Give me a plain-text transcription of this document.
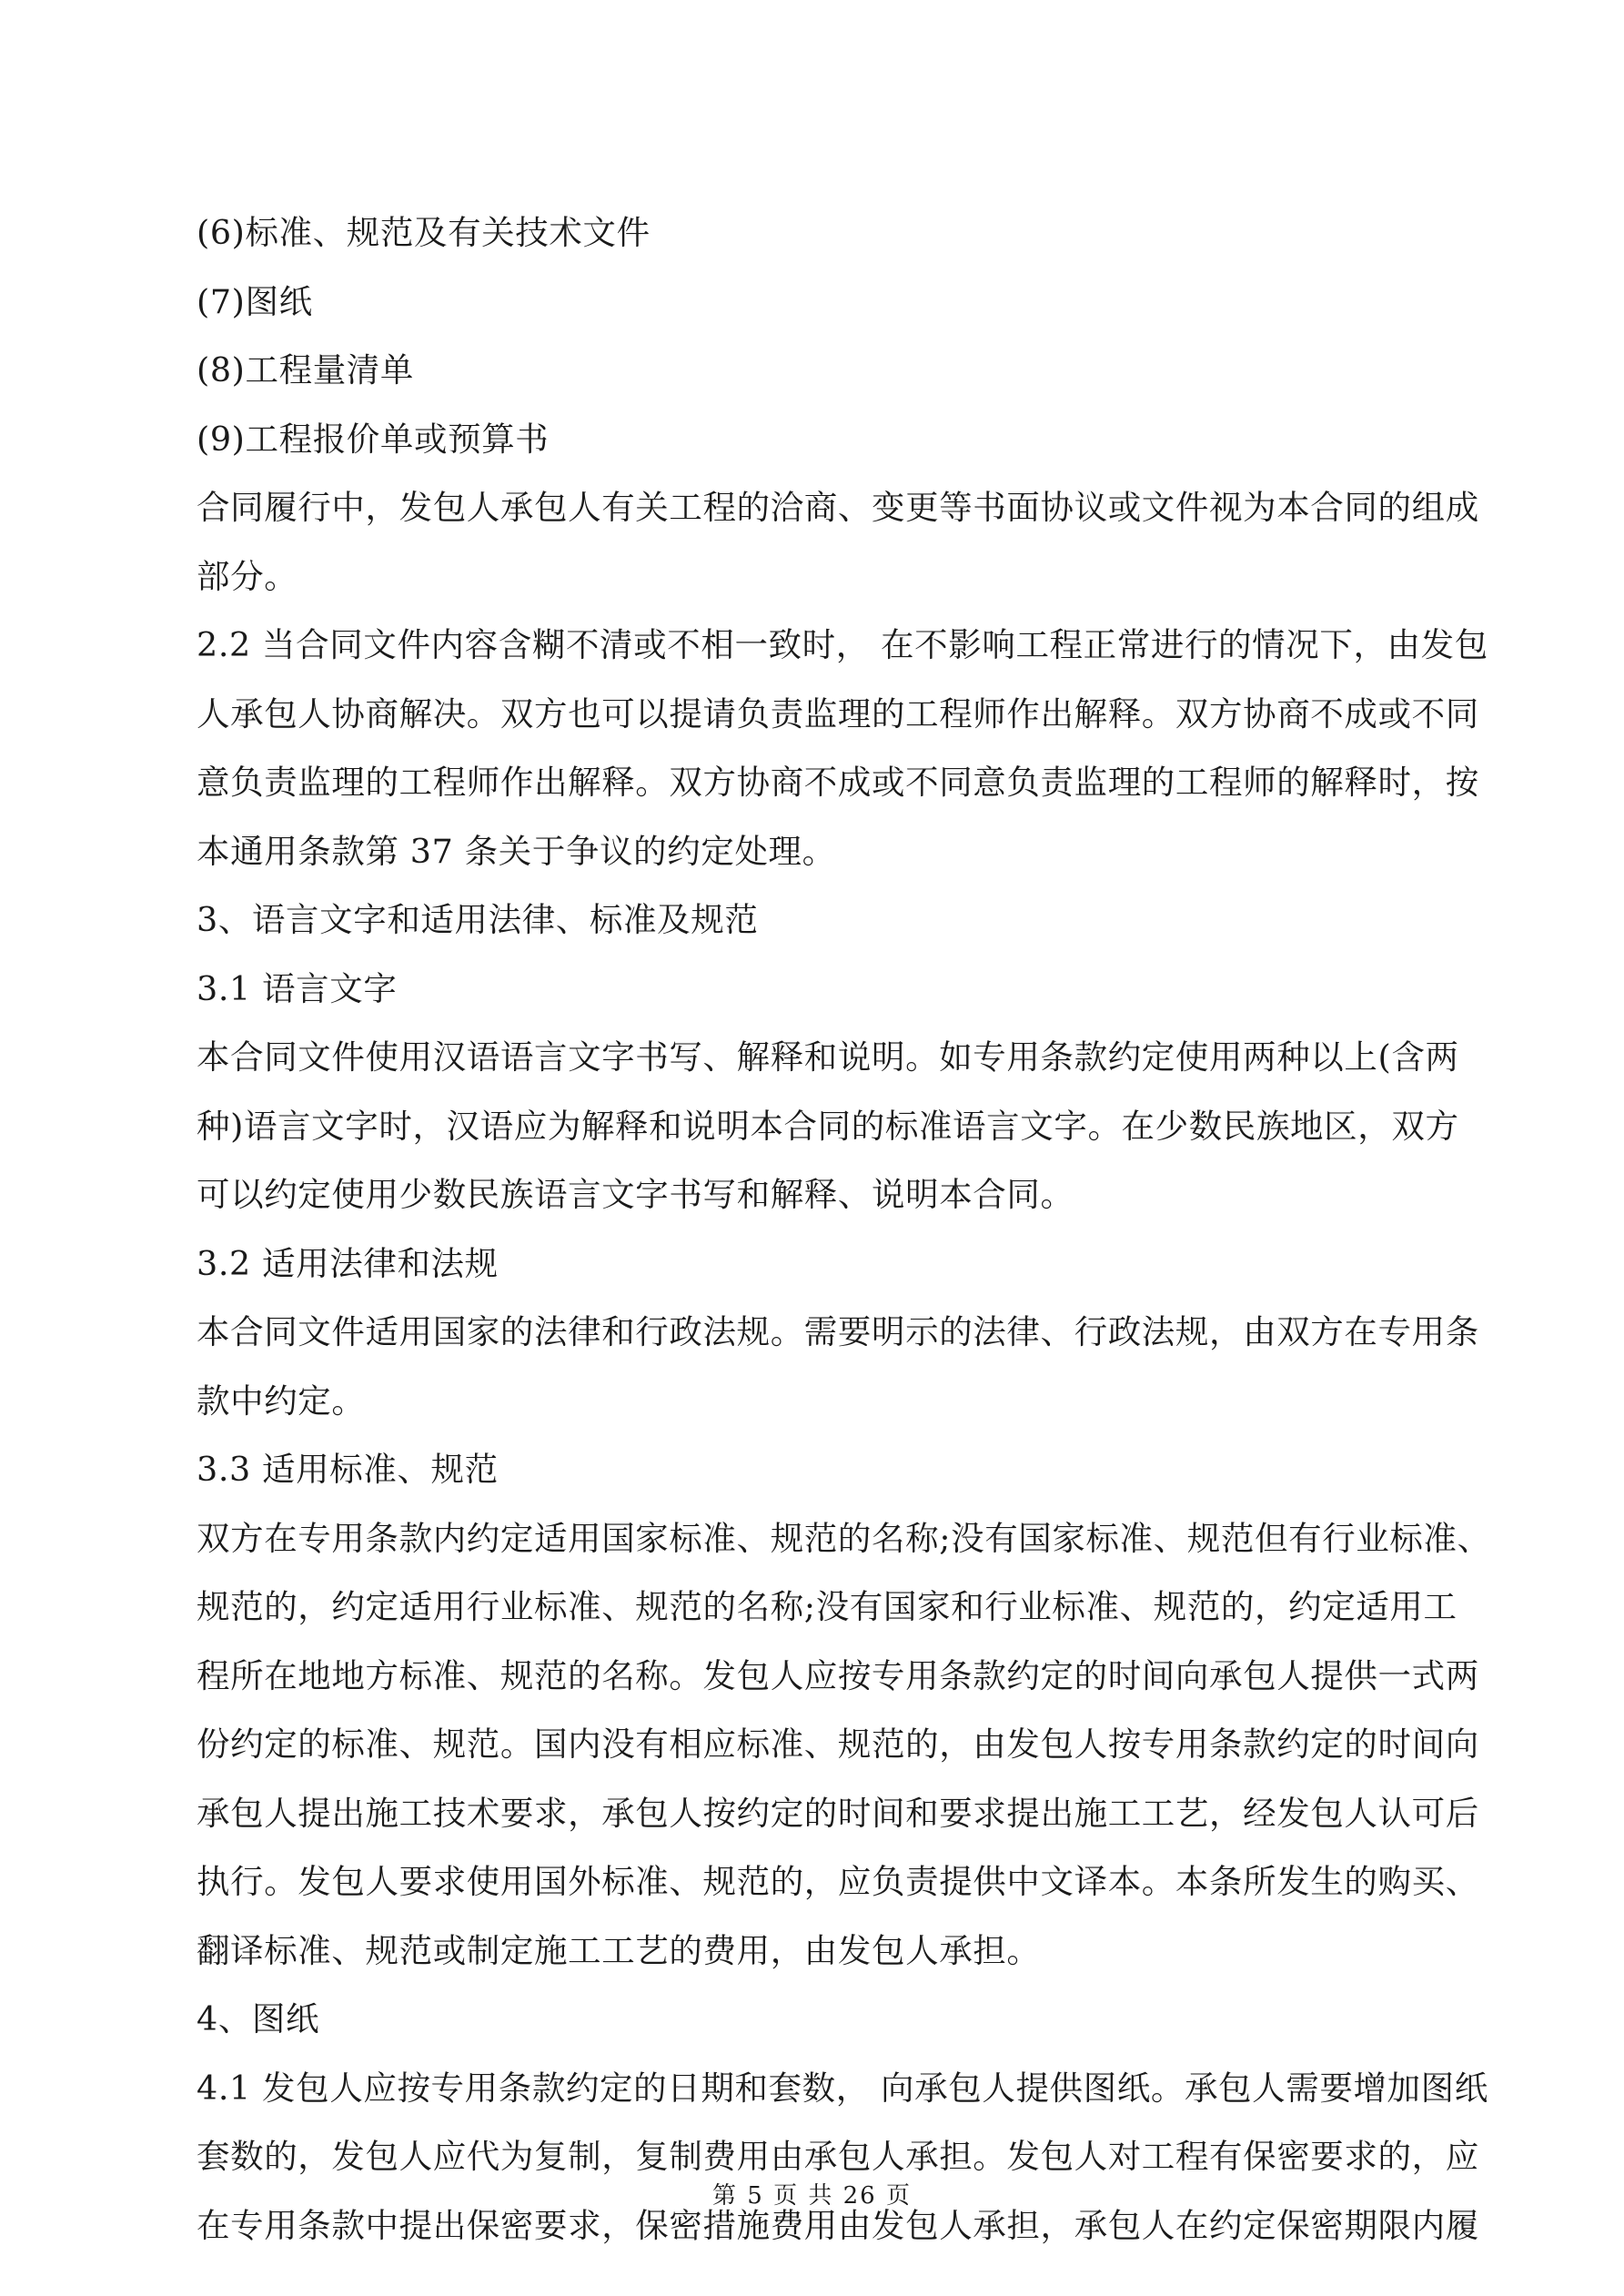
(6)标准、规范及有关技术文件
(7)图纸
(8)工程量清单
(9)工程报价单或预算书
合同履行中，发包人承包人有关工程的洽商、变更等书面协议或文件视为本合同的组成
部分。
2.2 当合同文件内容含糊不清或不相一致时， 在不影响工程正常进行的情况下，由发包
人承包人协商解决。双方也可以提请负责监理的工程师作出解释。双方协商不成或不同
意负责监理的工程师作出解释。双方协商不成或不同意负责监理的工程师的解释时，按
本通用条款第 37 条关于争议的约定处理。
3、语言文字和适用法律、标准及规范
3.1 语言文字
本合同文件使用汉语语言文字书写、解释和说明。如专用条款约定使用两种以上(含两
种)语言文字时，汉语应为解释和说明本合同的标准语言文字。在少数民族地区，双方
可以约定使用少数民族语言文字书写和解释、说明本合同。
3.2 适用法律和法规
本合同文件适用国家的法律和行政法规。需要明示的法律、行政法规，由双方在专用条
款中约定。
3.3 适用标准、规范
双方在专用条款内约定适用国家标准、规范的名称;没有国家标准、规范但有行业标准、
规范的，约定适用行业标准、规范的名称;没有国家和行业标准、规范的，约定适用工
程所在地地方标准、规范的名称。发包人应按专用条款约定的时间向承包人提供一式两
份约定的标准、规范。国内没有相应标准、规范的，由发包人按专用条款约定的时间向
承包人提出施工技术要求，承包人按约定的时间和要求提出施工工艺，经发包人认可后
执行。发包人要求使用国外标准、规范的，应负责提供中文译本。本条所发生的购买、
翻译标准、规范或制定施工工艺的费用，由发包人承担。
4、图纸
4.1 发包人应按专用条款约定的日期和套数， 向承包人提供图纸。承包人需要增加图纸
套数的，发包人应代为复制，复制费用由承包人承担。发包人对工程有保密要求的，应
在专用条款中提出保密要求，保密措施费用由发包人承担，承包人在约定保密期限内履
第 5 页 共 26 页
